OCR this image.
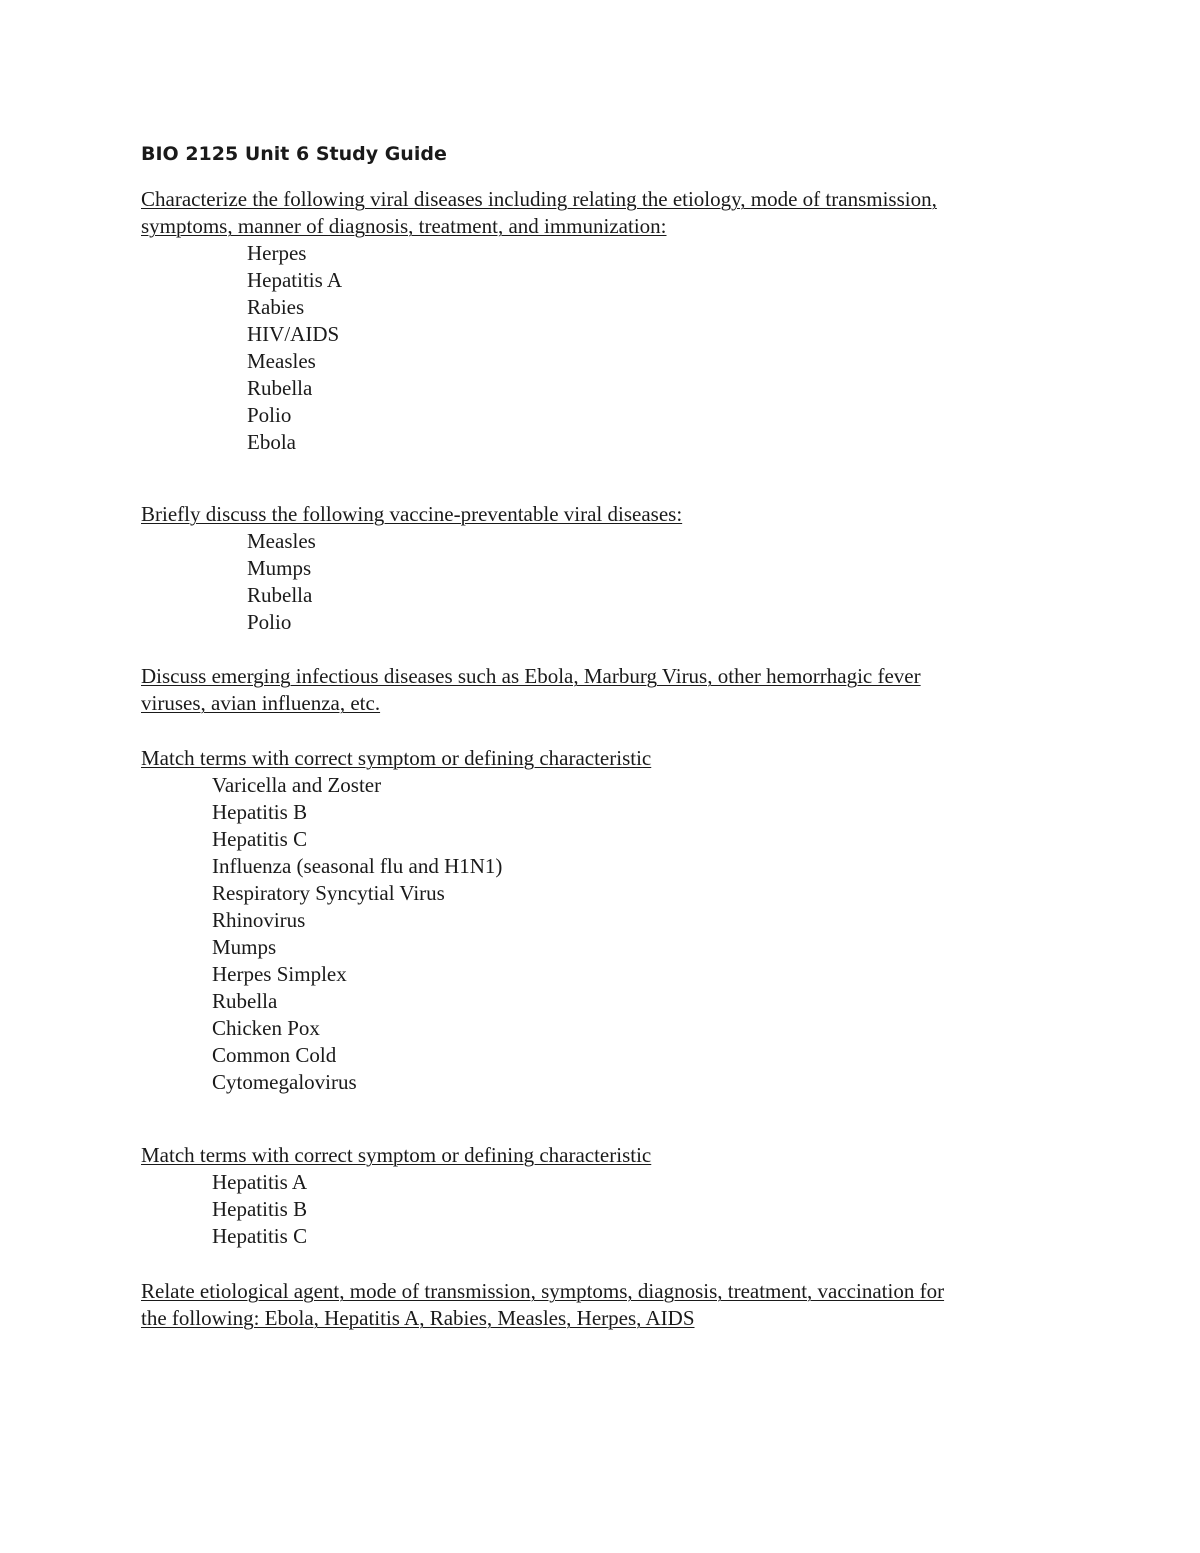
BIO 2125 Unit 6 Study Guide
Characterize the following viral diseases including relating the etiology, mode of transmission,
symptoms, manner of diagnosis, treatment, and immunization:
Herpes
Hepatitis A
Rabies
HIV/AIDS
Measles
Rubella
Polio
Ebola
Briefly discuss the following vaccine-preventable viral diseases:
Measles
Mumps
Rubella
Polio
Discuss emerging infectious diseases such as Ebola, Marburg Virus, other hemorrhagic fever
viruses, avian influenza, etc.
Match terms with correct symptom or defining characteristic
Varicella and Zoster
Hepatitis B
Hepatitis C
Influenza (seasonal flu and H1N1)
Respiratory Syncytial Virus
Rhinovirus
Mumps
Herpes Simplex
Rubella
Chicken Pox
Common Cold
Cytomegalovirus
Match terms with correct symptom or defining characteristic
Hepatitis A
Hepatitis B
Hepatitis C
Relate etiological agent, mode of transmission, symptoms, diagnosis, treatment, vaccination for
the following: Ebola, Hepatitis A, Rabies, Measles, Herpes, AIDS
